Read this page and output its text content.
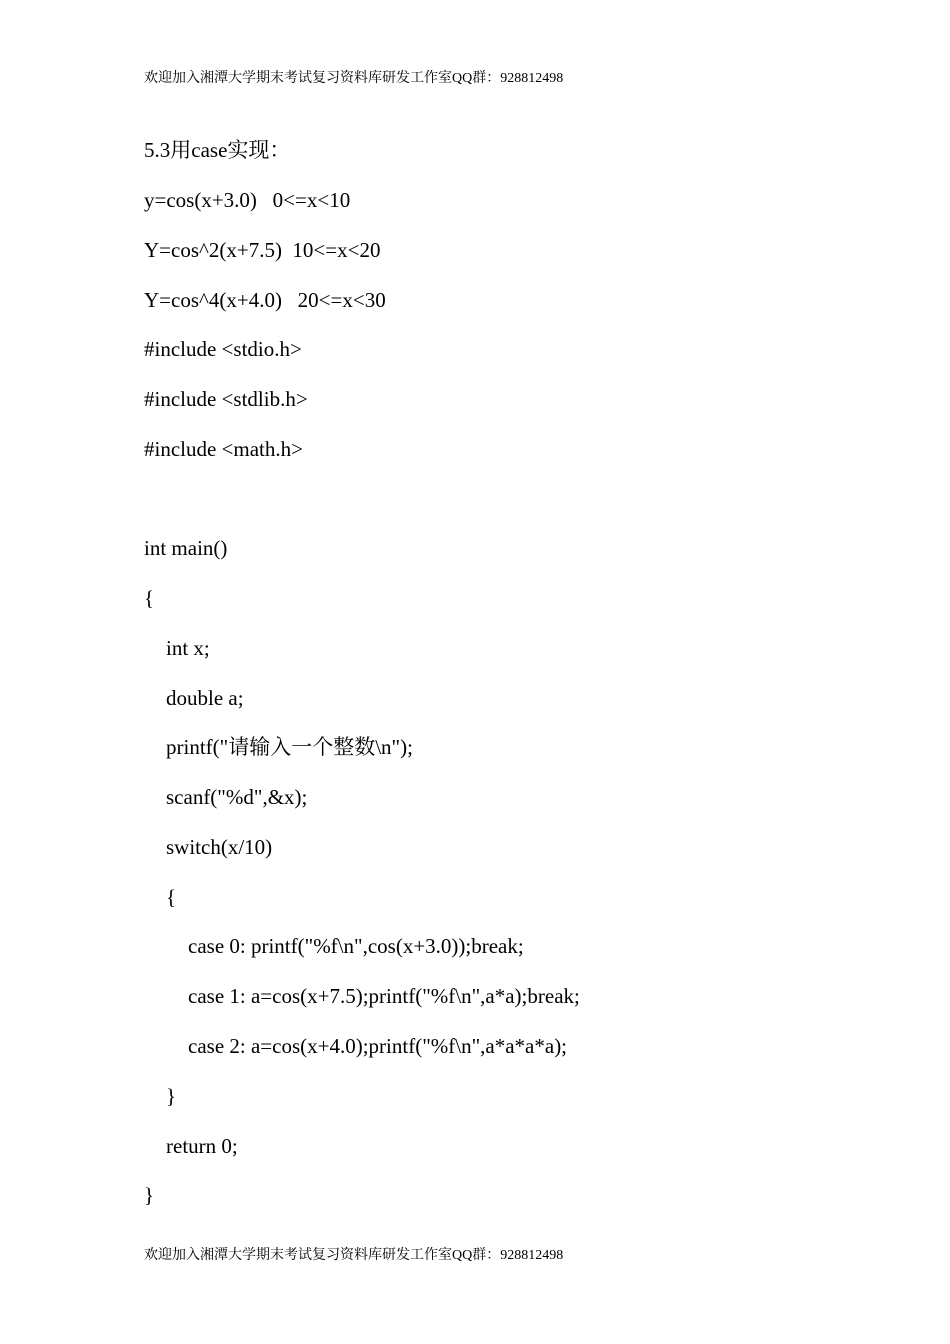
欢迎加入湘潭大学期末考试复习资料库研发工作室QQ群：928812498
5.3用case实现：
y=cos(x+3.0)   0<=x<10
Y=cos^2(x+7.5)  10<=x<20
Y=cos^4(x+4.0)   20<=x<30
#include <stdio.h>
#include <stdlib.h>
#include <math.h>
int main()
{
int x;
double a;
printf("请输入一个整数\n");
scanf("%d",&x);
switch(x/10)
{
case 0: printf("%f\n",cos(x+3.0));break;
case 1: a=cos(x+7.5);printf("%f\n",a*a);break;
case 2: a=cos(x+4.0);printf("%f\n",a*a*a*a);
}
return 0;
}
欢迎加入湘潭大学期末考试复习资料库研发工作室QQ群：928812498
